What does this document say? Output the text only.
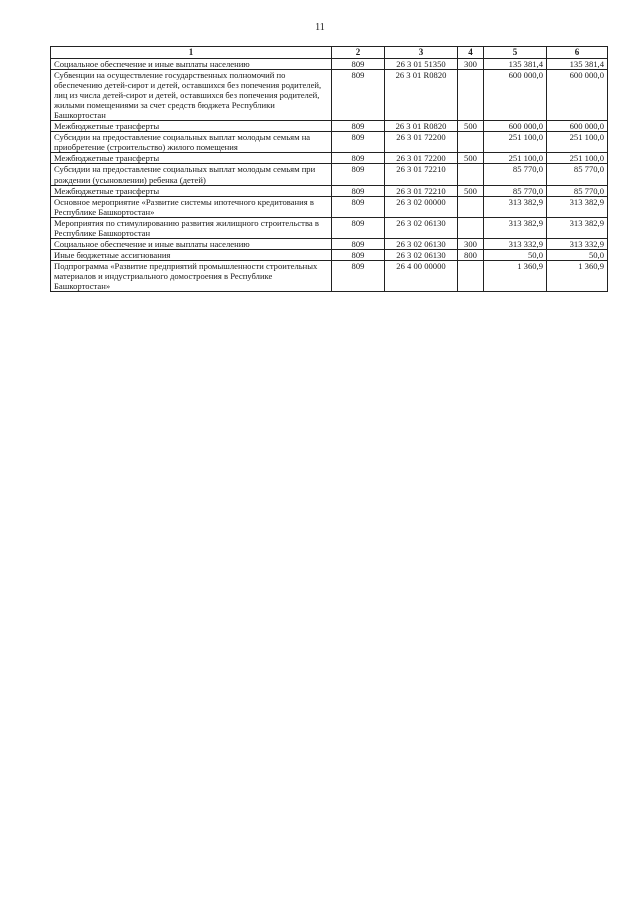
11
1	2	3	4	5	6
Социальное обеспечение и иные выплаты населению	809	26 3 01 51350	300	135 381,4	135 381,4
Субвенции на осуществление государственных полномочий по обеспечению детей-сирот и детей, оставшихся без попечения родителей, лиц из числа детей-сирот и детей, оставшихся без попечения родителей, жилыми помещениями за счет средств бюджета Республики Башкортостан	809	26 3 01 R0820		600 000,0	600 000,0
Межбюджетные трансферты	809	26 3 01 R0820	500	600 000,0	600 000,0
Субсидии на предоставление социальных выплат молодым семьям на приобретение (строительство) жилого помещения	809	26 3 01 72200		251 100,0	251 100,0
Межбюджетные трансферты	809	26 3 01 72200	500	251 100,0	251 100,0
Субсидии на предоставление социальных выплат молодым семьям при рождении (усыновлении) ребенка (детей)	809	26 3 01 72210		85 770,0	85 770,0
Межбюджетные трансферты	809	26 3 01 72210	500	85 770,0	85 770,0
Основное мероприятие «Развитие системы ипотечного кредитования в Республике Башкортостан»	809	26 3 02 00000		313 382,9	313 382,9
Мероприятия по стимулированию развития жилищного строительства в Республике Башкортостан	809	26 3 02 06130		313 382,9	313 382,9
Социальное обеспечение и иные выплаты населению	809	26 3 02 06130	300	313 332,9	313 332,9
Иные бюджетные ассигнования	809	26 3 02 06130	800	50,0	50,0
Подпрограмма «Развитие предприятий промышленности строительных материалов и индустриального домостроения в Республике Башкортостан»	809	26 4 00 00000		1 360,9	1 360,9
